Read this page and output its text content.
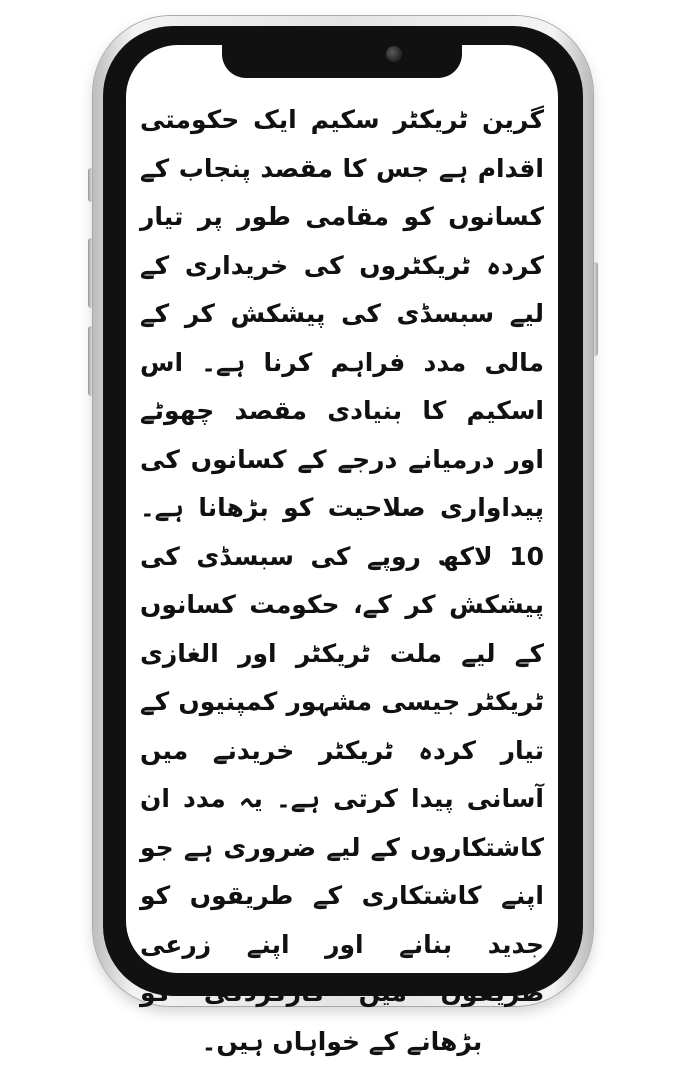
گرین ٹریکٹر سکیم ایک حکومتی اقدام ہے جس کا مقصد پنجاب کے کسانوں کو مقامی طور پر تیار کردہ ٹریکٹروں کی خریداری کے لیے سبسڈی کی پیشکش کر کے مالی مدد فراہم کرنا ہے۔ اس اسکیم کا بنیادی مقصد چھوٹے اور درمیانے درجے کے کسانوں کی پیداواری صلاحیت کو بڑھانا ہے۔ 10 لاکھ روپے کی سبسڈی کی پیشکش کر کے، حکومت کسانوں کے لیے ملت ٹریکٹر اور الغازی ٹریکٹر جیسی مشہور کمپنیوں کے تیار کردہ ٹریکٹر خریدنے میں آسانی پیدا کرتی ہے۔ یہ مدد ان کاشتکاروں کے لیے ضروری ہے جو اپنے کاشتکاری کے طریقوں کو جدید بنانے اور اپنے زرعی طریقوں میں کارکردگی کو بڑھانے کے خواہاں ہیں۔
